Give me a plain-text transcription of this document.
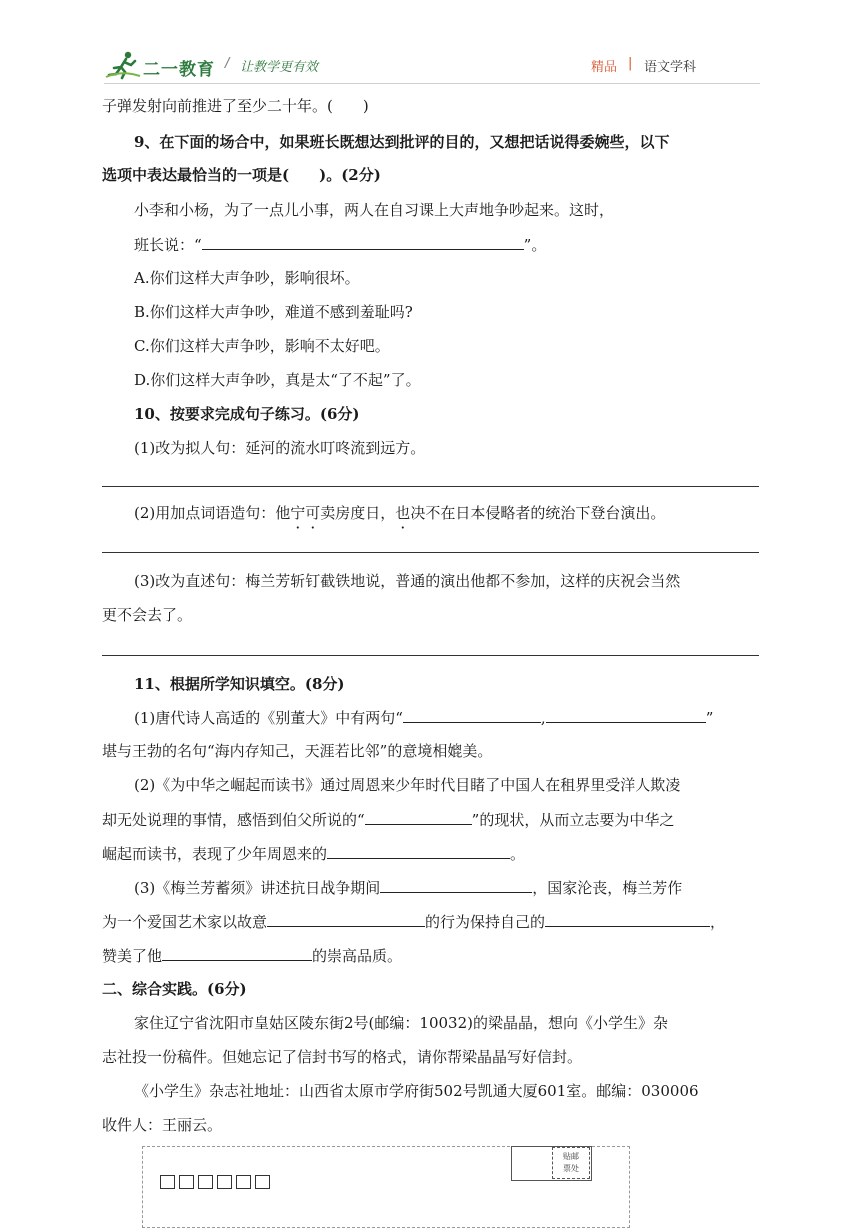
二一教育 / 让教学更有效	精品 | 语文学科
子弹发射向前推进了至少二十年。(　　)
9、在下面的场合中，如果班长既想达到批评的目的，又想把话说得委婉些，以下
选项中表达最恰当的一项是(　　)。(2分)
小李和小杨，为了一点儿小事，两人在自习课上大声地争吵起来。这时，
班长说：“	”。
A.你们这样大声争吵，影响很坏。
B.你们这样大声争吵，难道不感到羞耻吗?
C.你们这样大声争吵，影响不太好吧。
D.你们这样大声争吵，真是太“了不起”了。
10、按要求完成句子练习。(6分)
(1)改为拟人句：延河的流水叮咚流到远方。
(2)用加点词语造句：他宁可卖房度日，也决不在日本侵略者的统治下登台演出。
(3)改为直述句：梅兰芳斩钉截铁地说，普通的演出他都不参加，这样的庆祝会当然
更不会去了。
11、根据所学知识填空。(8分)
(1)唐代诗人高适的《别董大》中有两句“	,	”
堪与王勃的名句“海内存知己，天涯若比邻”的意境相媲美。
(2)《为中华之崛起而读书》通过周恩来少年时代目睹了中国人在租界里受洋人欺凌
却无处说理的事情，感悟到伯父所说的“	”的现状，从而立志要为中华之
崛起而读书，表现了少年周恩来的	。
(3)《梅兰芳蓄须》讲述抗日战争期间	，国家沦丧，梅兰芳作
为一个爱国艺术家以故意	的行为保持自己的	，
赞美了他	的崇高品质。
二、综合实践。(6分)
家住辽宁省沈阳市皇姑区陵东街2号(邮编：10032)的梁晶晶，想向《小学生》杂
志社投一份稿件。但她忘记了信封书写的格式，请你帮梁晶晶写好信封。
《小学生》杂志社地址：山西省太原市学府街502号凯通大厦601室。邮编：030006
收件人：王丽云。
贴邮
票处
